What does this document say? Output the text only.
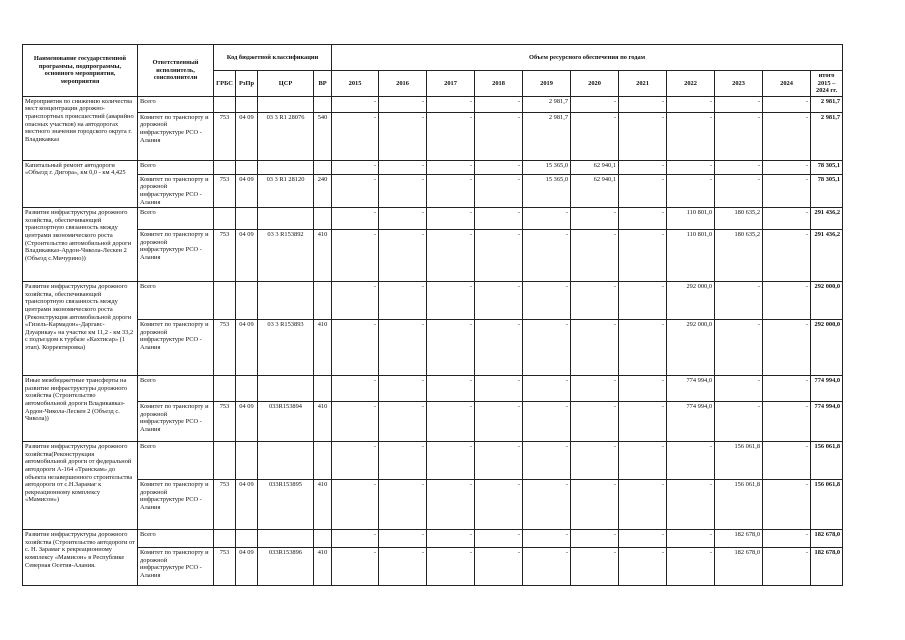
Наименование государственной программы, подпрограммы, основного мероприятия, мероприятия	Ответственный исполнитель, соисполнители	Код бюджетной классификации				Объем ресурсного обеспечения по годам										
		ГРБС	РзПр	ЦСР	ВР	2015	2016	2017	2018	2019	2020	2021	2022	2023	2024	итого 2015 – 2024 гг.
Мероприятия по снижению количества мест концентрации дорожно-транспортных происшествий (аварийно опасных участков) на автодорогах местного значения городского округа г. Владикавказ	Всего					-	-	-	-	2 981,7	-	-	-	-	-	2 981,7
	Комитет по транспорту и дорожной инфраструктуре РСО - Алания	753	04 09	03 3 R1 28076	540	-	-	-	-	2 981,7	-	-	-	-	-	2 981,7
Капитальный ремонт автодороги «Объезд г. Дигора», км 0,0 - км 4,425	Всего					-	-	-	-	15 365,0	62 940,1	-	-	-	-	78 305,1
	Комитет по транспорту и дорожной инфраструктуре РСО - Алания	753	04 09	03 3 R1 28120	240	-	-	-	-	15 365,0	62 940,1	-	-	-	-	78 305,1
Развитие инфраструктуры дорожного хозяйства, обеспечивающей транспортную связанность между центрами экономического роста (Строительство автомобильной дороги Владикавказ-Ардон-Чикола-Лескен 2 (Объезд с.Мичурино))	Всего					-	-	-	-	-	-	-	110 801,0	180 635,2	-	291 436,2
	Комитет по транспорту и дорожной инфраструктуре РСО - Алания	753	04 09	03 3 R153892	410	-	-	-	-	-	-	-	110 801,0	180 635,2	-	291 436,2
Развитие инфраструктуры дорожного хозяйства, обеспечивающей транспортную связанность между центрами экономического роста (Реконструкция автомобильной дороги «Гизель-Кармадон»-Даргавс-Дзуарикау» на участке км 11,2 - км 33,2 с подъездом к турбазе «Кахтисар» (1 этап). Корректировка)	Всего					-	-	-	-	-	-	-	292 000,0	-	-	292 000,0
	Комитет по транспорту и дорожной инфраструктуре РСО - Алания	753	04 09	03 3 R153893	410	-	-	-	-	-	-	-	292 000,0	-	-	292 000,0
Иные межбюджетные трансферты на развитие инфраструктуры дорожного хозяйства (Строительство автомобильной дороги Владикавказ-Ардон-Чикола-Лескен 2 (Объезд с. Чикола))	Всего					-	-	-	-	-	-	-	774 994,0	-	-	774 994,0
	Комитет по транспорту и дорожной инфраструктуре РСО - Алания	753	04 09	033R153894	410	-	-	-	-	-	-	-	774 994,0	-	-	774 994,0
Развитие инфраструктуры дорожного хозяйства(Реконструкция автомобильной дороги от федеральной автодороги А-164 «Транскам» до объекта незавершенного строительства автодороги от с.Н.Зарамаг к рекреационному комплексу «Мамисон»)	Всего					-	-	-	-	-	-	-	-	156 061,8	-	156 061,8
	Комитет по транспорту и дорожной инфраструктуре РСО - Алания	753	04 09	033R153895	410	-	-	-	-	-	-	-	-	156 061,8	-	156 061,8
Развитие инфраструктуры дорожного хозяйства (Строительство автодороги от с. Н. Зарамаг к рекреационному комплексу «Мамисон» в Республике Северная Осетия-Алания.	Всего					-	-	-	-	-	-	-	-	182 678,0	-	182 678,0
	Комитет по транспорту и дорожной инфраструктуре РСО - Алания	753	04 09	033R153896	410	-	-	-	-	-	-	-	-	182 678,0	-	182 678,0
